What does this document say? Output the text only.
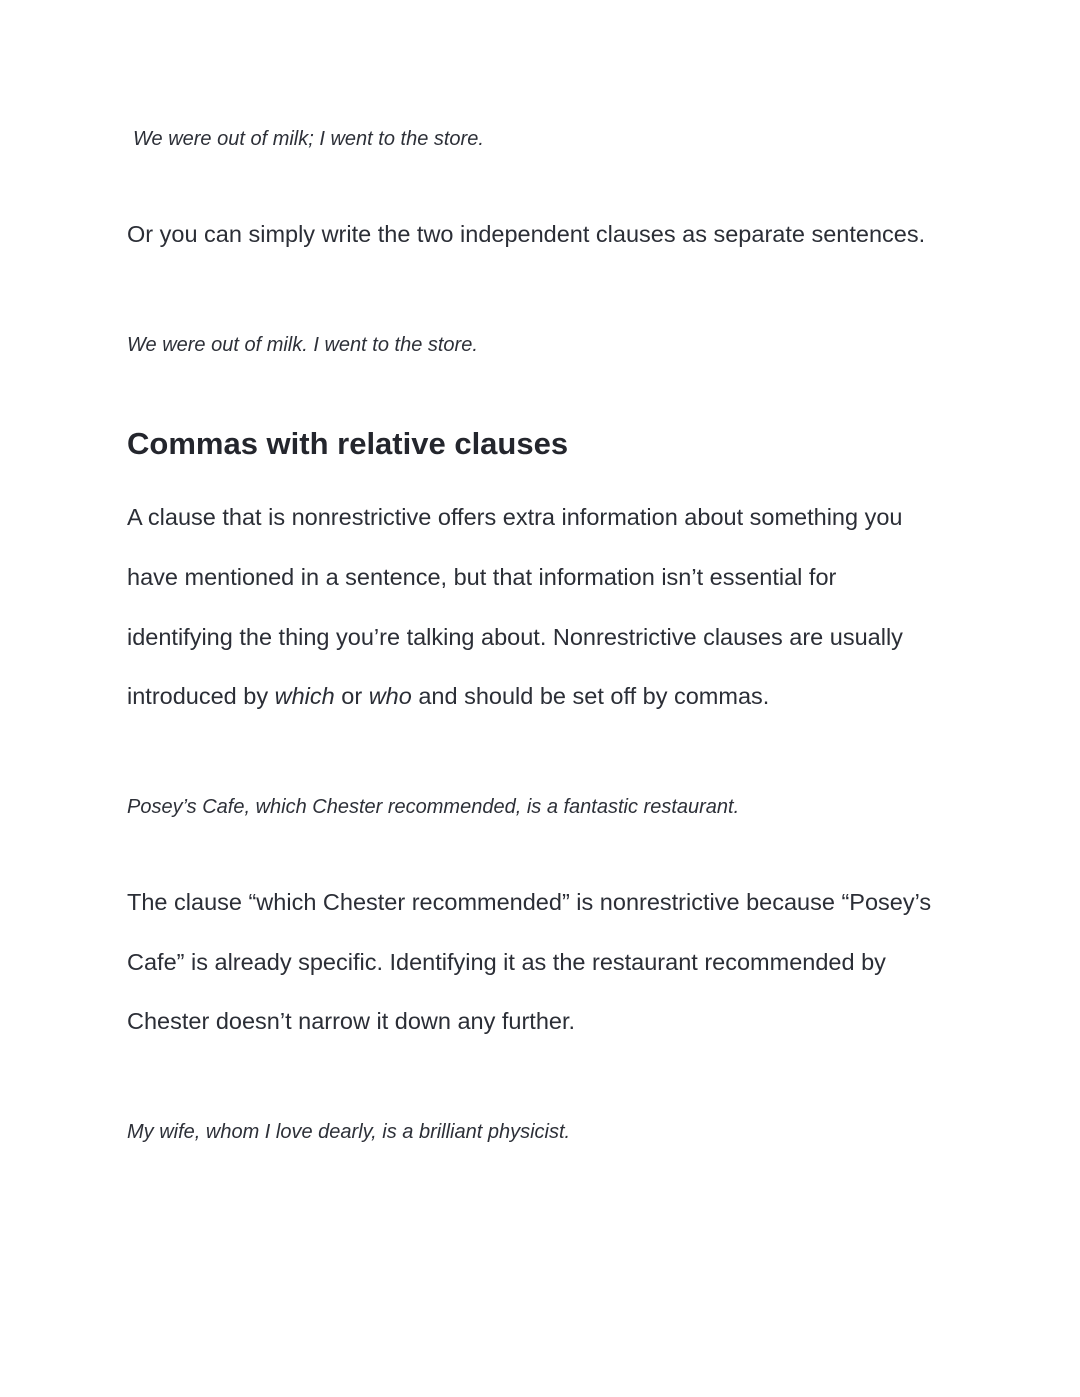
We were out of milk; I went to the store.

Or you can simply write the two independent clauses as separate sentences.

We were out of milk. I went to the store.

Commas with relative clauses

A clause that is nonrestrictive offers extra information about something you

have mentioned in a sentence, but that information isn’t essential for

identifying the thing you’re talking about. Nonrestrictive clauses are usually

introduced by which or who and should be set off by commas.

Posey’s Cafe, which Chester recommended, is a fantastic restaurant.

The clause “which Chester recommended” is nonrestrictive because “Posey’s

Cafe” is already specific. Identifying it as the restaurant recommended by

Chester doesn’t narrow it down any further.

My wife, whom I love dearly, is a brilliant physicist.
